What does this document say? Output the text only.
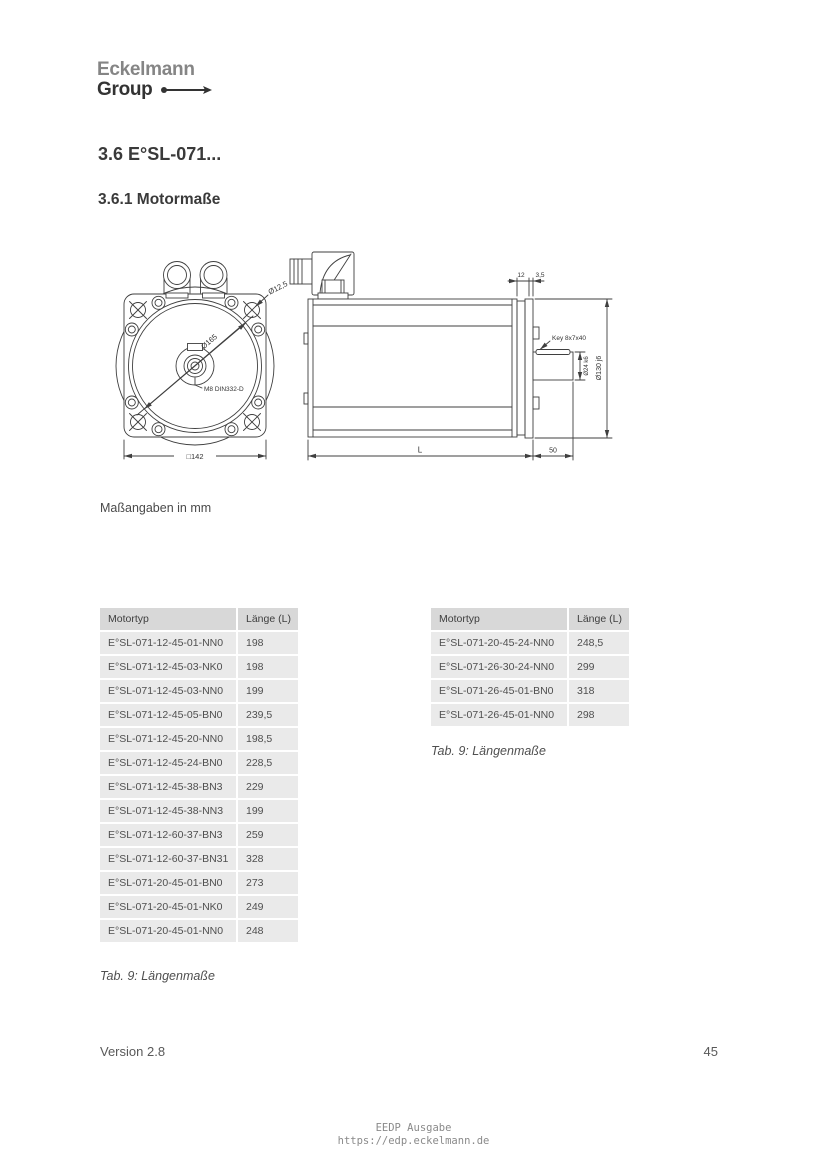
Eckelmann
Group
3.6 E°SL-071...
3.6.1 Motormaße
Ø165
Ø12,5
M8 DIN332-D
□142
12 3,5
Key 8x7x40
Ø24 k6 Ø130 j6
L	50
Maßangaben in mm
Motortyp	Länge (L)
E°SL-071-12-45-01-NN0	198
E°SL-071-12-45-03-NK0	198
E°SL-071-12-45-03-NN0	199
E°SL-071-12-45-05-BN0	239,5
E°SL-071-12-45-20-NN0	198,5
E°SL-071-12-45-24-BN0	228,5
E°SL-071-12-45-38-BN3	229
E°SL-071-12-45-38-NN3	199
E°SL-071-12-60-37-BN3	259
E°SL-071-12-60-37-BN31	328
E°SL-071-20-45-01-BN0	273
E°SL-071-20-45-01-NK0	249
E°SL-071-20-45-01-NN0	248
Tab. 9: Längenmaße
Motortyp	Länge (L)
E°SL-071-20-45-24-NN0	248,5
E°SL-071-26-30-24-NN0	299
E°SL-071-26-45-01-BN0	318
E°SL-071-26-45-01-NN0	298
Tab. 9: Längenmaße
Version 2.8	45
EEDP Ausgabe
https://edp.eckelmann.de
